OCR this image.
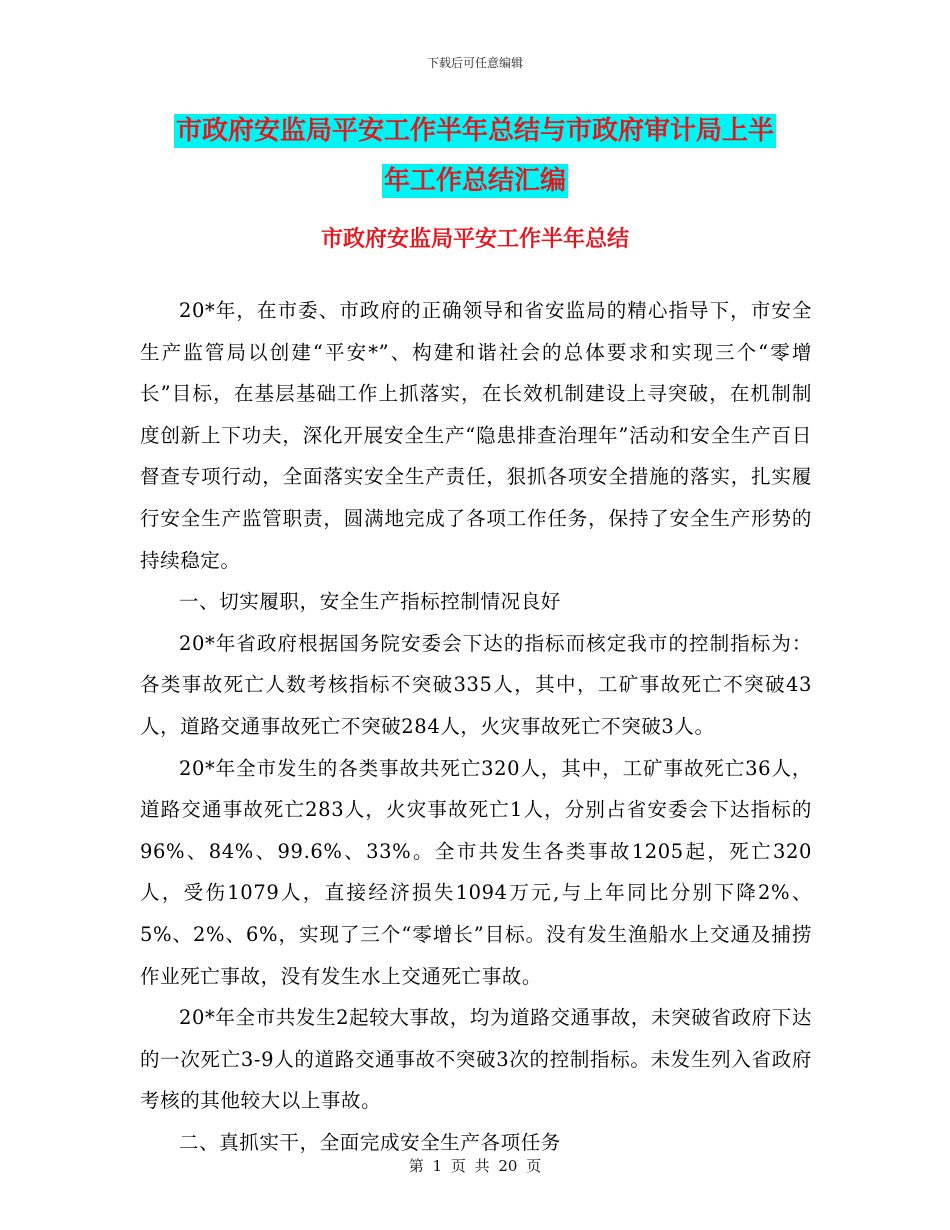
下载后可任意编辑
市政府安监局平安工作半年总结与市政府审计局上半
年工作总结汇编
市政府安监局平安工作半年总结

20*年，在市委、市政府的正确领导和省安监局的精心指导下，市安全生产监管局以创建“平安*”、构建和谐社会的总体要求和实现三个“零增长”目标，在基层基础工作上抓落实，在长效机制建设上寻突破，在机制制度创新上下功夫，深化开展安全生产“隐患排查治理年”活动和安全生产百日督查专项行动，全面落实安全生产责任，狠抓各项安全措施的落实，扎实履行安全生产监管职责，圆满地完成了各项工作任务，保持了安全生产形势的持续稳定。

一、切实履职，安全生产指标控制情况良好

20*年省政府根据国务院安委会下达的指标而核定我市的控制指标为：各类事故死亡人数考核指标不突破335人，其中，工矿事故死亡不突破43人，道路交通事故死亡不突破284人，火灾事故死亡不突破3人。

20*年全市发生的各类事故共死亡320人，其中，工矿事故死亡36人，道路交通事故死亡283人，火灾事故死亡1人，分别占省安委会下达指标的96%、84%、99.6%、33%。全市共发生各类事故1205起，死亡320人，受伤1079人，直接经济损失1094万元,与上年同比分别下降2%、5%、2%、6%，实现了三个“零增长”目标。没有发生渔船水上交通及捕捞作业死亡事故，没有发生水上交通死亡事故。

20*年全市共发生2起较大事故，均为道路交通事故，未突破省政府下达的一次死亡3-9人的道路交通事故不突破3次的控制指标。未发生列入省政府考核的其他较大以上事故。

二、真抓实干，全面完成安全生产各项任务

第 1 页 共 20 页
